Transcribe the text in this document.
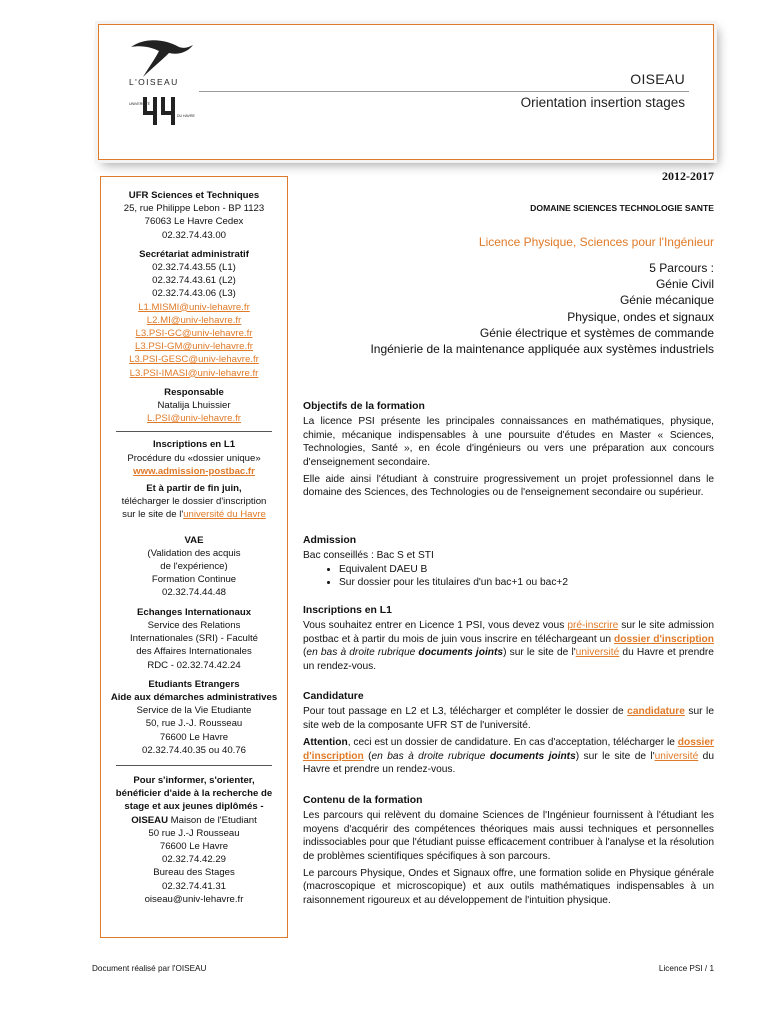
L'OISEAU
UNIVERSITÉ
DU HAVRE
OISEAU
Orientation insertion stages
UFR Sciences et Techniques
25, rue Philippe Lebon - BP 1123
76063 Le Havre Cedex
02.32.74.43.00
Secrétariat administratif
02.32.74.43.55 (L1)
02.32.74.43.61 (L2)
02.32.74.43.06 (L3)
L1.MISMI@univ-lehavre.fr
L2.MI@univ-lehavre.fr
L3.PSI-GC@univ-lehavre.fr
L3.PSI-GM@univ-lehavre.fr
L3.PSI-GESC@univ-lehavre.fr
L3.PSI-IMASI@univ-lehavre.fr
Responsable
Natalija Lhuissier
L.PSI@univ-lehavre.fr
Inscriptions en L1
Procédure du «dossier unique»
www.admission-postbac.fr
Et à partir de fin juin,
télécharger le dossier d'inscription
sur le site de l'université du Havre
VAE
(Validation des acquis
de l'expérience)
Formation Continue
02.32.74.44.48
Echanges Internationaux
Service des Relations
Internationales (SRI) - Faculté
des Affaires Internationales
RDC - 02.32.74.42.24
Etudiants Etrangers
Aide aux démarches administratives
Service de la Vie Etudiante
50, rue J.-J. Rousseau
76600 Le Havre
02.32.74.40.35 ou 40.76
Pour s'informer, s'orienter,
bénéficier d'aide à la recherche de
stage et aux jeunes diplômés -
OISEAU Maison de l'Etudiant
50 rue J.-J Rousseau
76600 Le Havre
02.32.74.42.29
Bureau des Stages
02.32.74.41.31
oiseau@univ-lehavre.fr
2012-2017
DOMAINE SCIENCES TECHNOLOGIE SANTE
Licence Physique, Sciences pour l'Ingénieur
5 Parcours :
Génie Civil
Génie mécanique
Physique, ondes et signaux
Génie électrique et systèmes de commande
Ingénierie de la maintenance appliquée aux systèmes industriels
Objectifs de la formation

La licence PSI présente les principales connaissances en mathématiques, physique, chimie, mécanique indispensables à une poursuite d'études en Master « Sciences, Technologies, Santé », en école d'ingénieurs ou vers une préparation aux concours d'enseignement secondaire.

Elle aide ainsi l'étudiant à construire progressivement un projet professionnel dans le domaine des Sciences, des Technologies ou de l'enseignement secondaire ou supérieur.

Admission
Bac conseillés : Bac S et STI
• Equivalent DAEU B
• Sur dossier pour les titulaires d'un bac+1 ou bac+2
Inscriptions en L1

Vous souhaitez entrer en Licence 1 PSI, vous devez vous pré-inscrire sur le site admission postbac et à partir du mois de juin vous inscrire en téléchargeant un dossier d'inscription (en bas à droite rubrique documents joints) sur le site de l'université du Havre et prendre un rendez-vous.

Candidature

Pour tout passage en L2 et L3, télécharger et compléter le dossier de candidature sur le site web de la composante UFR ST de l'université.

Attention, ceci est un dossier de candidature. En cas d'acceptation, télécharger le dossier d'inscription (en bas à droite rubrique documents joints) sur le site de l'université du Havre et prendre un rendez-vous.

Contenu de la formation

Les parcours qui relèvent du domaine Sciences de l'Ingénieur fournissent à l'étudiant les moyens d'acquérir des compétences théoriques mais aussi techniques et personnelles indissociables pour que l'étudiant puisse efficacement contribuer à l'analyse et la résolution de problèmes scientifiques spécifiques à son parcours.

Le parcours Physique, Ondes et Signaux offre, une formation solide en Physique générale (macroscopique et microscopique) et aux outils mathématiques indispensables à un raisonnement rigoureux et au développement de l'intuition physique.

Document réalisé par l'OISEAU	Licence PSI / 1
